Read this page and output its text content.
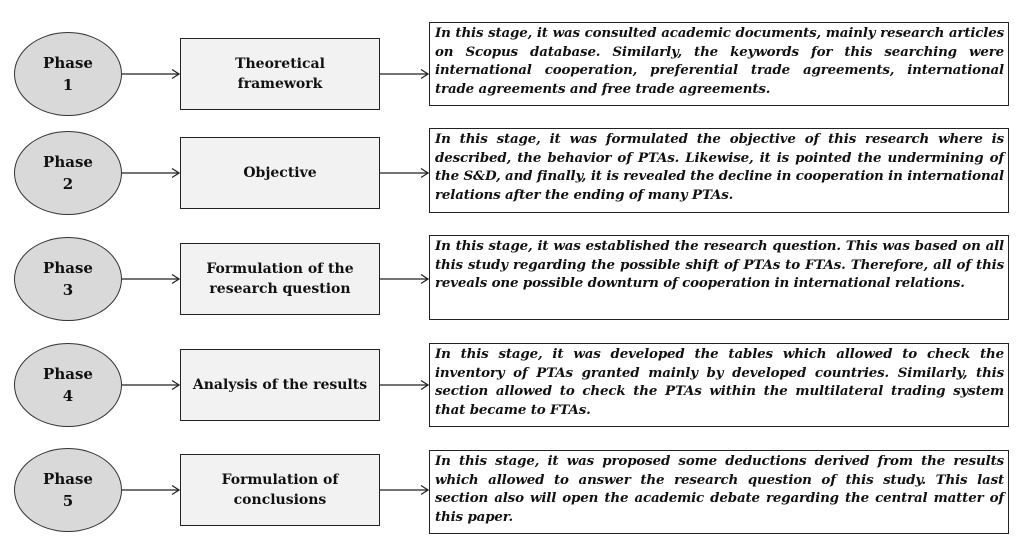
Phase
1
Theoretical framework
In this stage, it was consulted academic documents, mainly research articles on Scopus database. Similarly, the keywords for this searching were international cooperation, preferential trade agreements, international trade agreements and free trade agreements.
Phase
2
Objective
In this stage, it was formulated the objective of this research where is described, the behavior of PTAs. Likewise, it is pointed the undermining of the S&D, and finally, it is revealed the decline in cooperation in international relations after the ending of many PTAs.
Phase
3
Formulation of the research question
In this stage, it was established the research question. This was based on all this study regarding the possible shift of PTAs to FTAs. Therefore, all of this reveals one possible downturn of cooperation in international relations.
Phase
4
Analysis of the results
In this stage, it was developed the tables which allowed to check the inventory of PTAs granted mainly by developed countries. Similarly, this section allowed to check the PTAs within the multilateral trading system that became to FTAs.
Phase
5
Formulation of conclusions
In this stage, it was proposed some deductions derived from the results which allowed to answer the research question of this study. This last section also will open the academic debate regarding the central matter of this paper.
